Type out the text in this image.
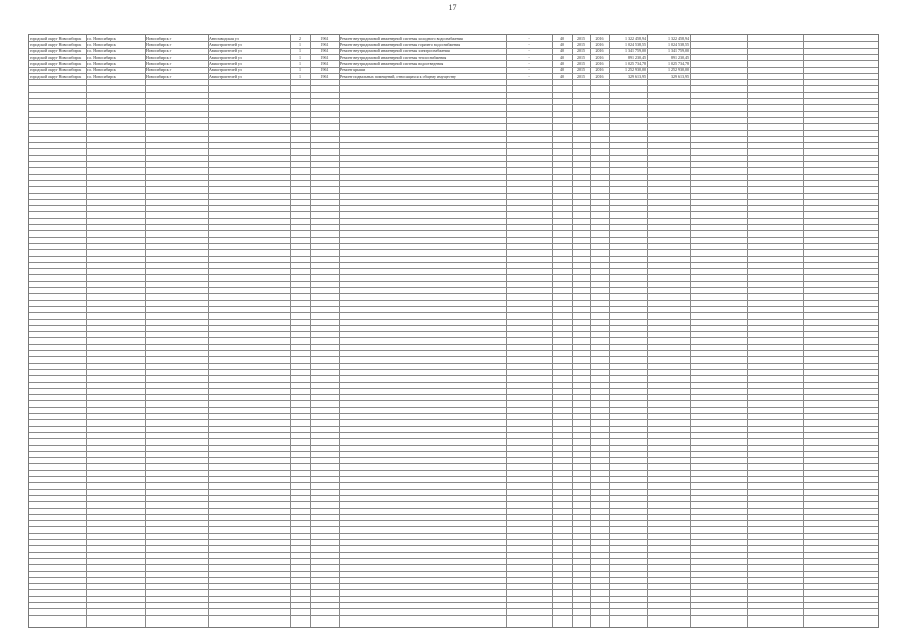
17
городской округ Новосибирск	г.о. Новосибирск	Новосибирск г	Автозаводская ул	2	1961	Ремонт внутридомовой инженерной системы холодного водоснабжения	-	40	2015	2016	1 322 458,94	1 322 458,94
городской округ Новосибирск	г.о. Новосибирск	Новосибирск г	Авиастроителей ул	1	1961	Ремонт внутридомовой инженерной системы горячего водоснабжения	-	40	2015	2016	1 024 538,55	1 024 538,55
городской округ Новосибирск	г.о. Новосибирск	Новосибирск г	Авиастроителей ул	1	1961	Ремонт внутридомовой инженерной системы электроснабжения	-	40	2015	2016	1 341 759,00	1 341 759,00
городской округ Новосибирск	г.о. Новосибирск	Новосибирск г	Авиастроителей ул	1	1961	Ремонт внутридомовой инженерной системы теплоснабжения	-	40	2015	2016	891 230,45	891 230,45
городской округ Новосибирск	г.о. Новосибирск	Новосибирск г	Авиастроителей ул	1	1961	Ремонт внутридомовой инженерной системы водоотведения	-	40	2015	2016	1 025 734,78	1 025 734,78
городской округ Новосибирск	г.о. Новосибирск	Новосибирск г	Авиастроителей ул	1	1961	Ремонт крыши	-	40	2015	2016	1 252 930,00	1 252 930,00
городской округ Новосибирск	г.о. Новосибирск	Новосибирск г	Авиастроителей ул	1	1961	Ремонт подвальных помещений, относящихся к общему имуществу	-	40	2015	2016	329 613,95	329 613,95
